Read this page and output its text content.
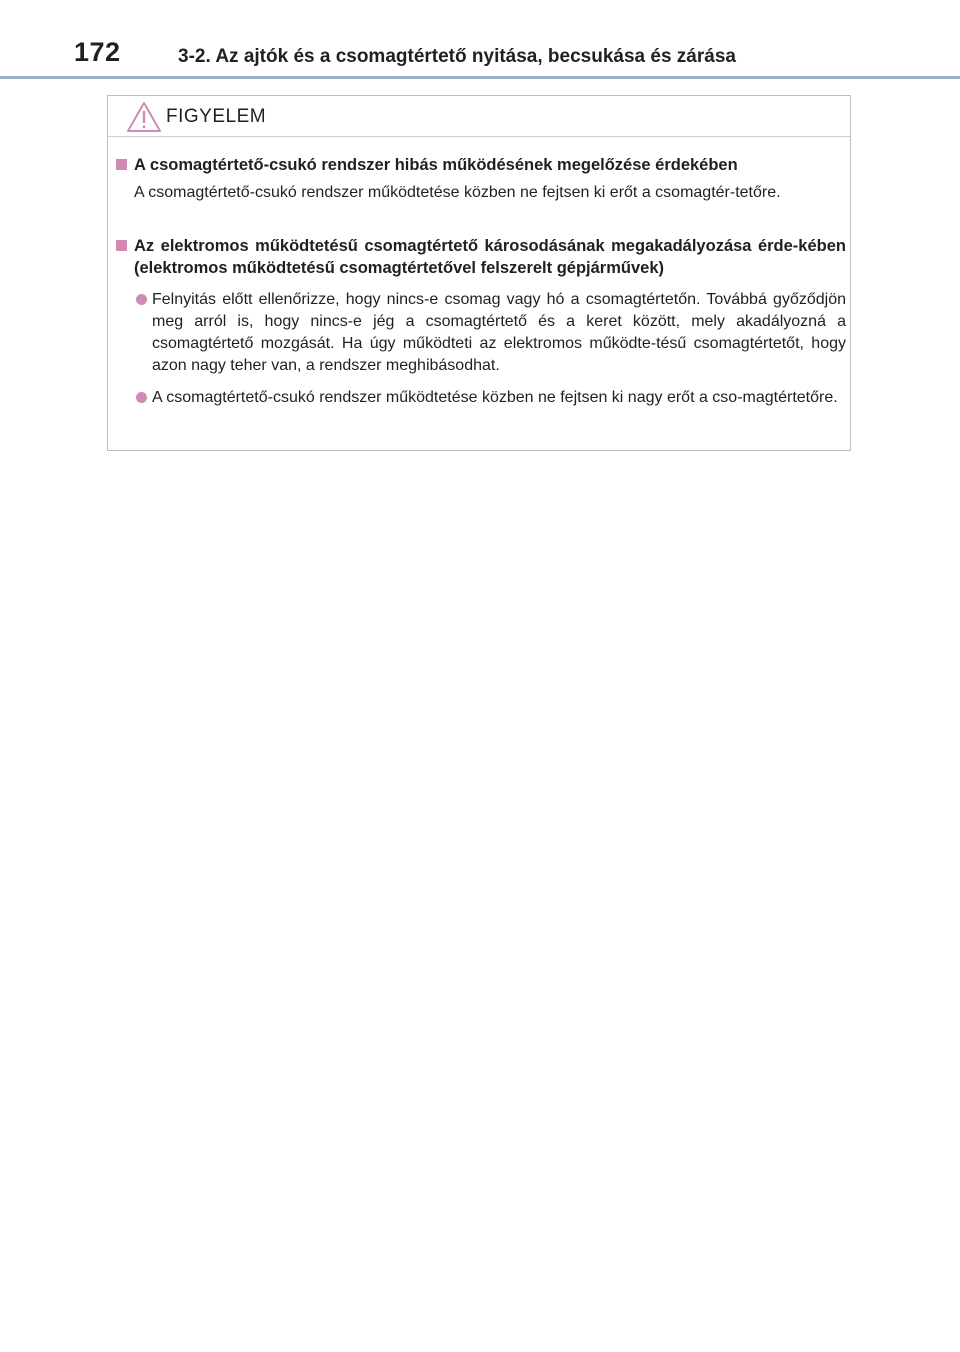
172	3-2. Az ajtók és a csomagtértető nyitása, becsukása és zárása
FIGYELEM
A csomagtértető-csukó rendszer hibás működésének megelőzése érdekében
A csomagtértető-csukó rendszer működtetése közben ne fejtsen ki erőt a csomagtér-tetőre.
Az elektromos működtetésű csomagtértető károsodásának megakadályozása érde-kében (elektromos működtetésű csomagtértetővel felszerelt gépjárművek)
Felnyitás előtt ellenőrizze, hogy nincs-e csomag vagy hó a csomagtértetőn. Továbbá győződjön meg arról is, hogy nincs-e jég a csomagtértető és a keret között, mely akadályozná a csomagtértető mozgását. Ha úgy működteti az elektromos működte-tésű csomagtértetőt, hogy azon nagy teher van, a rendszer meghibásodhat.
A csomagtértető-csukó rendszer működtetése közben ne fejtsen ki nagy erőt a cso-magtértetőre.
